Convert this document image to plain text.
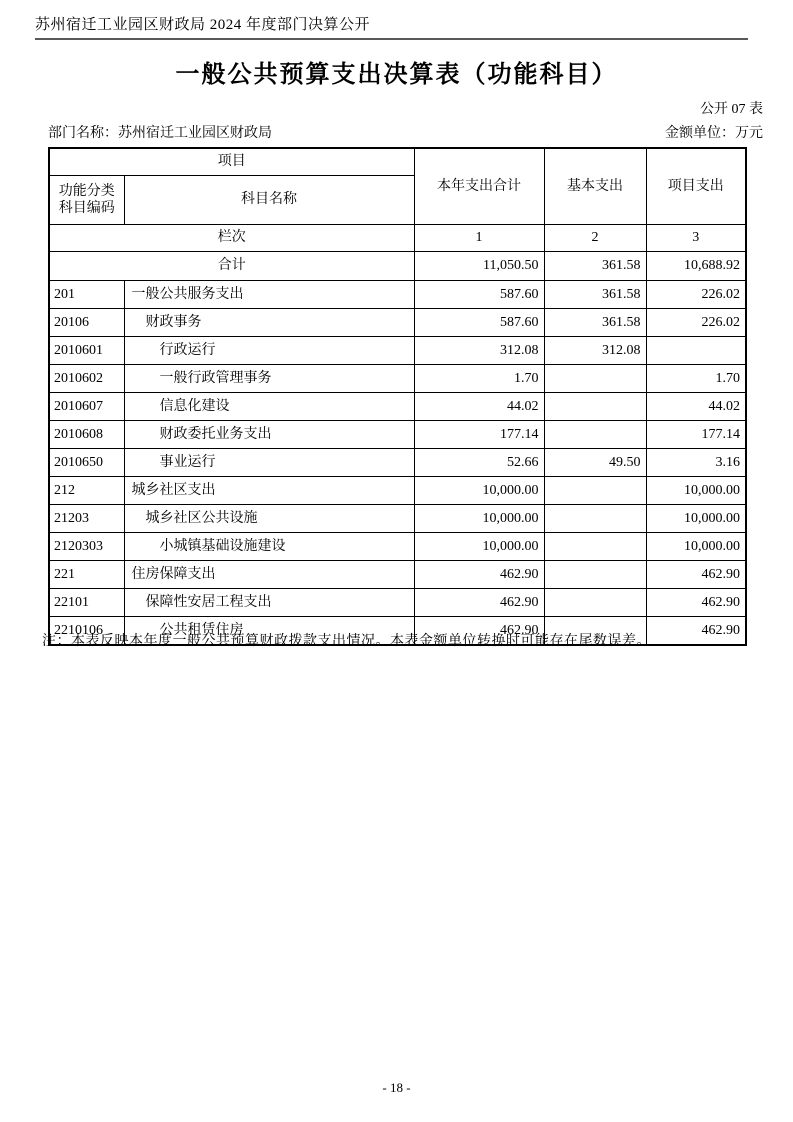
苏州宿迁工业园区财政局 2024 年度部门决算公开
一般公共预算支出决算表（功能科目）
公开 07 表
部门名称：苏州宿迁工业园区财政局	金额单位：万元
项目		本年支出合计	基本支出	项目支出

功能分类
科目编码	科目名称			
栏次		1	2	3
合计		11,050.50	361.58	10,688.92
201	一般公共服务支出	587.60	361.58	226.02
20106	财政事务	587.60	361.58	226.02
2010601	行政运行	312.08	312.08	
2010602	一般行政管理事务	1.70		1.70
2010607	信息化建设	44.02		44.02
2010608	财政委托业务支出	177.14		177.14
2010650	事业运行	52.66	49.50	3.16
212	城乡社区支出	10,000.00		10,000.00
21203	城乡社区公共设施	10,000.00		10,000.00
2120303	小城镇基础设施建设	10,000.00		10,000.00
221	住房保障支出	462.90		462.90
22101	保障性安居工程支出	462.90		462.90
2210106	公共租赁住房	462.90		462.90
注：本表反映本年度一般公共预算财政拨款支出情况。本表金额单位转换时可能存在尾数误差。
- 18 -
